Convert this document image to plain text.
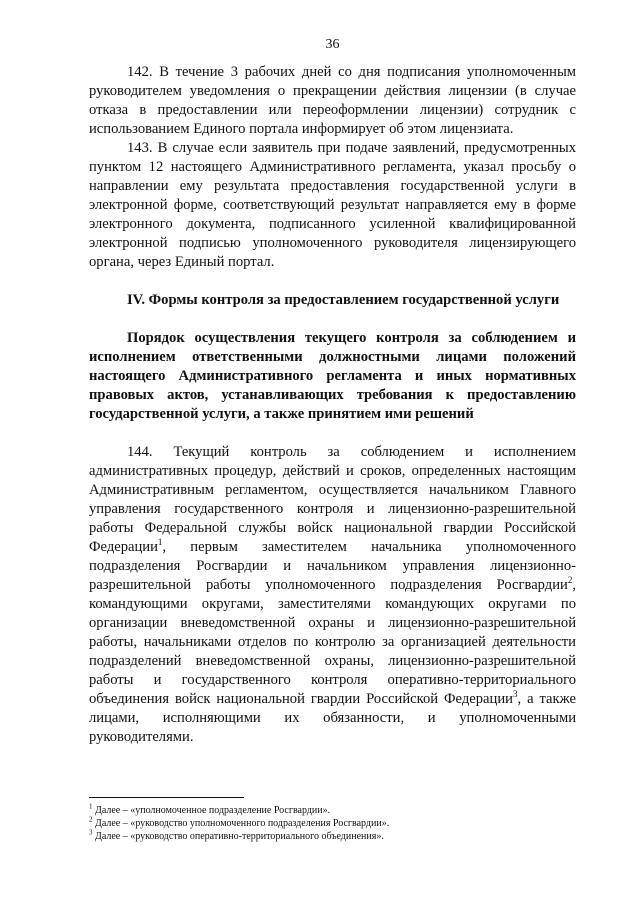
36

142. В течение 3 рабочих дней со дня подписания уполномоченным руководителем уведомления о прекращении действия лицензии (в случае отказа в предоставлении или переоформлении лицензии) сотрудник с использованием Единого портала информирует об этом лицензиата.

143. В случае если заявитель при подаче заявлений, предусмотренных пунктом 12 настоящего Административного регламента, указал просьбу о направлении ему результата предоставления государственной услуги в электронной форме, соответствующий результат направляется ему в форме электронного документа, подписанного усиленной квалифицированной электронной подписью уполномоченного руководителя лицензирующего органа, через Единый портал.

IV. Формы контроля за предоставлением государственной услуги

Порядок осуществления текущего контроля за соблюдением и исполнением ответственными должностными лицами положений настоящего Административного регламента и иных нормативных правовых актов, устанавливающих требования к предоставлению государственной услуги, а также принятием ими решений

144. Текущий контроль за соблюдением и исполнением административных процедур, действий и сроков, определенных настоящим Административным регламентом, осуществляется начальником Главного управления государственного контроля и лицензионно-разрешительной работы Федеральной службы войск национальной гвардии Российской Федерации$^1$, первым заместителем начальника уполномоченного подразделения Росгвардии и начальником управления лицензионно-разрешительной работы уполномоченного подразделения Росгвардии$^2$, командующими округами, заместителями командующих округами по организации вневедомственной охраны и лицензионно-разрешительной работы, начальниками отделов по контролю за организацией деятельности подразделений вневедомственной охраны, лицензионно-разрешительной работы и государственного контроля оперативно-территориального объединения войск национальной гвардии Российской Федерации$^3$, а также лицами, исполняющими их обязанности, и уполномоченными руководителями.

$^1$ Далее – «уполномоченное подразделение Росгвардии».

$^2$ Далее – «руководство уполномоченного подразделения Росгвардии».

$^3$ Далее – «руководство оперативно-территориального объединения».
